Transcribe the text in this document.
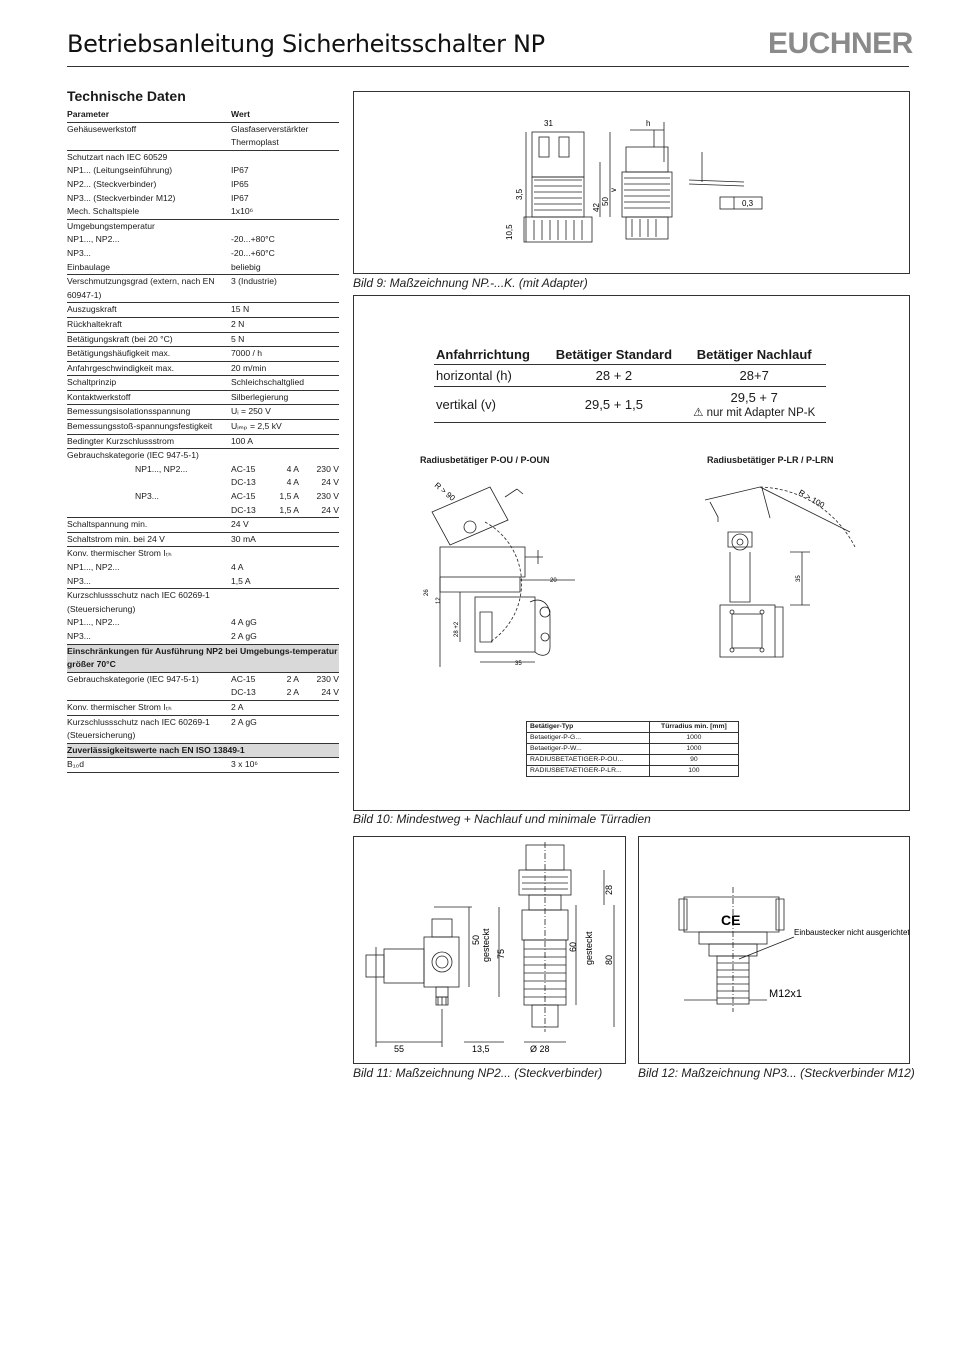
Betriebsanleitung Sicherheitsschalter NP	EUCHNER
Technische Daten
Parameter	Wert
Gehäusewerkstoff	Glasfaserverstärkter Thermoplast
Schutzart nach IEC 60529	
NP1... (Leitungseinführung)	IP67
NP2... (Steckverbinder)	IP65
NP3... (Steckverbinder M12)	IP67
Mech. Schaltspiele	1x10⁶
Umgebungstemperatur	
NP1..., NP2...	-20...+80°C
NP3...	-20...+60°C
Einbaulage	beliebig
Verschmutzungsgrad (extern, nach EN 60947-1)	3 (Industrie)
Auszugskraft	15 N
Rückhaltekraft	2 N
Betätigungskraft (bei 20 °C)	5 N
Betätigungshäufigkeit max.	7000 / h
Anfahrgeschwindigkeit max.	20 m/min
Schaltprinzip	Schleichschaltglied
Kontaktwerkstoff	Silberlegierung
Bemessungsisolationsspannung	Uᵢ = 250 V
Bemessungsstoß-spannungsfestigkeit	Uᵢₘₚ = 2,5 kV
Bedingter Kurzschlussstrom	100 A
Gebrauchskategorie (IEC 947-5-1)	
NP1..., NP2...	AC-15 4 A 230 V

	DC-13 4 A 24 V

NP3...	AC-15 1,5 A 230 V

	DC-13 1,5 A 24 V

Schaltspannung min.	24 V
Schaltstrom min. bei 24 V	30 mA
Konv. thermischer Strom Iₜₕ	
NP1..., NP2...	4 A
NP3...	1,5 A
Kurzschlussschutz nach IEC 60269-1 (Steuersicherung)	
NP1..., NP2...	4 A gG
NP3...	2 A gG
Einschränkungen für Ausführung NP2 bei Umgebungs-temperatur größer 70°C	
Gebrauchskategorie (IEC 947-5-1)	AC-15 2 A 230 V

	DC-13 2 A 24 V

Konv. thermischer Strom Iₜₕ	2 A
Kurzschlussschutz nach IEC 60269-1 (Steuersicherung)	2 A gG
Zuverlässigkeitswerte nach EN ISO 13849-1	
B₁₀d	3 x 10⁶
31	h
3,5	v
42
50
10,5
0,3
Bild 9: Maßzeichnung NP.-...K. (mit Adapter)
Anfahrrichtung	Betätiger Standard	Betätiger Nachlauf
horizontal (h)	28 + 2	28+7
vertikal (v)	29,5 + 1,5	29,5 + 7
⚠ nur mit Adapter NP-K
Radiusbetätiger P-OU / P-OUN	Radiusbetätiger P-LR / P-LRN
R > 90
20
35
12
26
28 +2
R > 100
35
Betätiger-Typ	Türradius min. [mm]
Betaetiger-P-G...	1000
Betaetiger-P-W...	1000
RADIUSBETAETIGER-P-OU...	90
RADIUSBETAETIGER-P-LR...	100
Bild 10: Mindestweg + Nachlauf und minimale Türradien
55	13,5	Ø 28
50 gesteckt 75
60 gesteckt 80
28
Bild 11: Maßzeichnung NP2... (Steckverbinder)
CE
Einbaustecker nicht ausgerichtet
M12x1
Bild 12: Maßzeichnung NP3... (Steckverbinder M12)
